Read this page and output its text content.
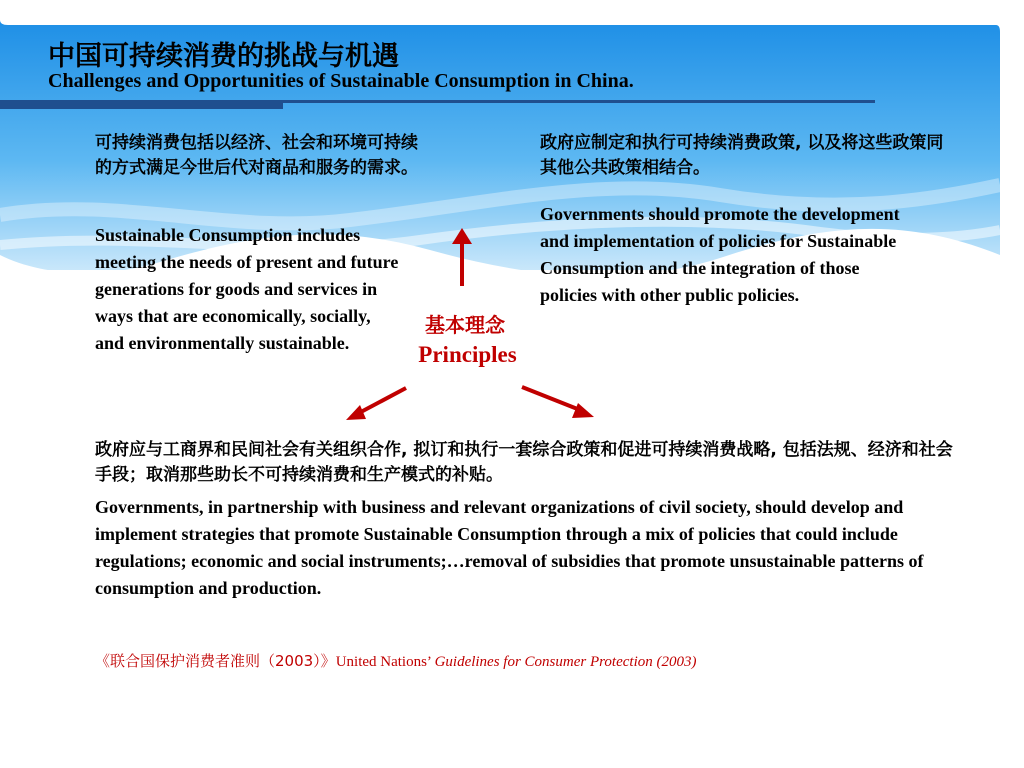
中国可持续消费的挑战与机遇
Challenges and Opportunities of Sustainable Consumption in China.
可持续消费包括以经济、社会和环境可持续的方式满足今世后代对商品和服务的需求。
Sustainable Consumption includes meeting the needs of present and future generations for goods and services in ways that are economically, socially, and environmentally sustainable.
政府应制定和执行可持续消费政策, 以及将这些政策同其他公共政策相结合。
Governments should promote the development and implementation of policies for Sustainable Consumption and the integration of those policies with other public policies.
基本理念
Principles
政府应与工商界和民间社会有关组织合作, 拟订和执行一套综合政策和促进可持续消费战略, 包括法规、经济和社会手段；取消那些助长不可持续消费和生产模式的补贴。
Governments, in partnership with business and relevant organizations of civil society, should develop and implement strategies that promote Sustainable Consumption through a mix of policies that could include regulations; economic and social instruments;…removal of subsidies that promote unsustainable patterns of consumption and production.
《联合国保护消费者准则（2003）》United Nations’ Guidelines for Consumer Protection (2003)
